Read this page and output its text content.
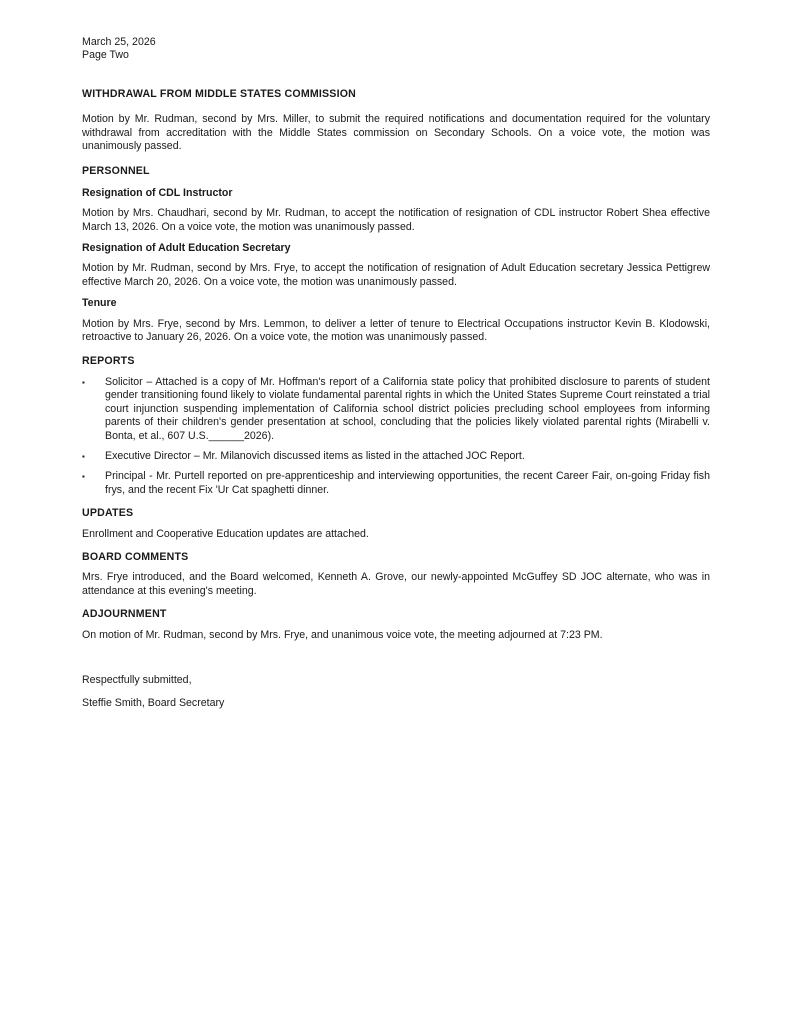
March 25, 2026

Page Two

WITHDRAWAL FROM MIDDLE STATES COMMISSION

Motion by Mr. Rudman, second by Mrs. Miller, to submit the required notifications and documentation required for the voluntary withdrawal from accreditation with the Middle States commission on Secondary Schools. On a voice vote, the motion was unanimously passed.

PERSONNEL

Resignation of CDL Instructor

Motion by Mrs. Chaudhari, second by Mr. Rudman, to accept the notification of resignation of CDL instructor Robert Shea effective March 13, 2026. On a voice vote, the motion was unanimously passed.

Resignation of Adult Education Secretary

Motion by Mr. Rudman, second by Mrs. Frye, to accept the notification of resignation of Adult Education secretary Jessica Pettigrew effective March 20, 2026. On a voice vote, the motion was unanimously passed.

Tenure

Motion by Mrs. Frye, second by Mrs. Lemmon, to deliver a letter of tenure to Electrical Occupations instructor Kevin B. Klodowski, retroactive to January 26, 2026. On a voice vote, the motion was unanimously passed.

REPORTS

▪ Solicitor – Attached is a copy of Mr. Hoffman's report of a California state policy that prohibited disclosure to parents of student gender transitioning found likely to violate fundamental parental rights in which the United States Supreme Court reinstated a trial court injunction suspending implementation of California school district policies precluding school employees from informing parents of their children's gender presentation at school, concluding that the policies likely violated parental rights (Mirabelli v. Bonta, et al., 607 U.S.______2026).
▪ Executive Director – Mr. Milanovich discussed items as listed in the attached JOC Report.
▪ Principal - Mr. Purtell reported on pre-apprenticeship and interviewing opportunities, the recent Career Fair, on-going Friday fish frys, and the recent Fix 'Ur Cat spaghetti dinner.

UPDATES

Enrollment and Cooperative Education updates are attached.

BOARD COMMENTS

Mrs. Frye introduced, and the Board welcomed, Kenneth A. Grove, our newly-appointed McGuffey SD JOC alternate, who was in attendance at this evening's meeting.

ADJOURNMENT

On motion of Mr. Rudman, second by Mrs. Frye, and unanimous voice vote, the meeting adjourned at 7:23 PM.

Respectfully submitted,

Steffie Smith, Board Secretary
